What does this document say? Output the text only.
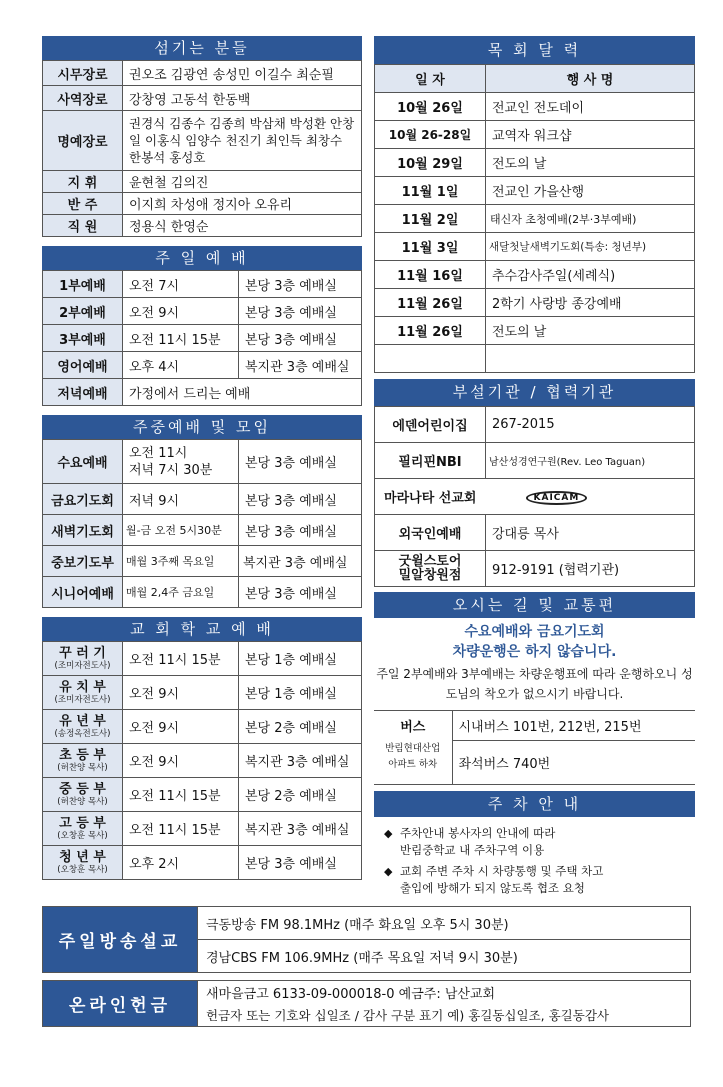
섬기는 분들
시무장로	권오조 김광연 송성민 이길수 최순필
사역장로	강창영 고동석 한동백
명예장로	권경식 김종수 김종희 박삼채 박성환 안창일 이홍식 임양수 천진기 최인득 최창수 한봉석 홍성호
지 휘	윤현철 김의진
반 주	이지희 차성애 정지아 오유리
직 원	정용식 한영순
주 일 예 배
1부예배	오전 7시	본당 3층 예배실
2부예배	오전 9시	본당 3층 예배실
3부예배	오전 11시 15분	본당 3층 예배실
영어예배	오후 4시	복지관 3층 예배실
저녁예배	가정에서 드리는 예배	
주중예배 및 모임
수요예배	오전 11시
저녁 7시 30분	본당 3층 예배실
금요기도회	저녁 9시	본당 3층 예배실
새벽기도회	월-금 오전 5시30분	본당 3층 예배실
중보기도부	매월 3주째 목요일	복지관 3층 예배실
시니어예배	매월 2,4주 금요일	본당 3층 예배실
교 회 학 교 예 배
꾸 러 기
(조미자전도사)	오전 11시 15분	본당 1층 예배실
유 치 부
(조미자전도사)	오전 9시	본당 1층 예배실
유 년 부
(송정옥전도사)	오전 9시	본당 2층 예배실
초 등 부
(허찬양 목사)	오전 9시	복지관 3층 예배실
중 등 부
(허찬양 목사)	오전 11시 15분	본당 2층 예배실
고 등 부
(오창훈 목사)	오전 11시 15분	복지관 3층 예배실
청 년 부
(오창훈 목사)	오후 2시	본당 3층 예배실
목 회 달 력
일 자	행 사 명
10월 26일	전교인 전도데이
10월 26-28일	교역자 워크샵
10월 29일	전도의 날
11월 1일	전교인 가을산행
11월 2일	태신자 초청예배(2부·3부예배)
11월 3일	새달첫날새벽기도회(특송: 청년부)
11월 16일	추수감사주일(세례식)
11월 26일	2학기 사랑방 종강예배
11월 26일	전도의 날

부설기관 / 협력기관
에덴어린이집	267-2015
필리핀NBI	남산성경연구원(Rev. Leo Taguan)
마라나타 선교회	KAICAM

외국인예배	강대릉 목사
굿윌스토어
밀알창원점	912-9191 (협력기관)
오시는 길 및 교통편
수요예배와 금요기도회
차량운행은 하지 않습니다.
주일 2부예배와 3부예배는 차량운행표에 따라 운행하오니 성도님의 착오가 없으시기 바랍니다.
버스	시내버스 101번, 212번, 215번
반림현대산업
아파트 하차	좌석버스 740번
주 차 안 내
◆ 주차안내 봉사자의 안내에 따라
반림중학교 내 주차구역 이용
◆ 교회 주변 주차 시 차량통행 및 주택 차고
출입에 방해가 되지 않도록 협조 요청
주일방송설교	극동방송 FM 98.1MHz (매주 화요일 오후 5시 30분)
경남CBS FM 106.9MHz (매주 목요일 저녁 9시 30분)
온라인헌금	새마을금고 6133-09-000018-0 예금주: 남산교회
헌금자 또는 기호와 십일조 / 감사 구분 표기 예) 홍길동십일조, 홍길동감사
